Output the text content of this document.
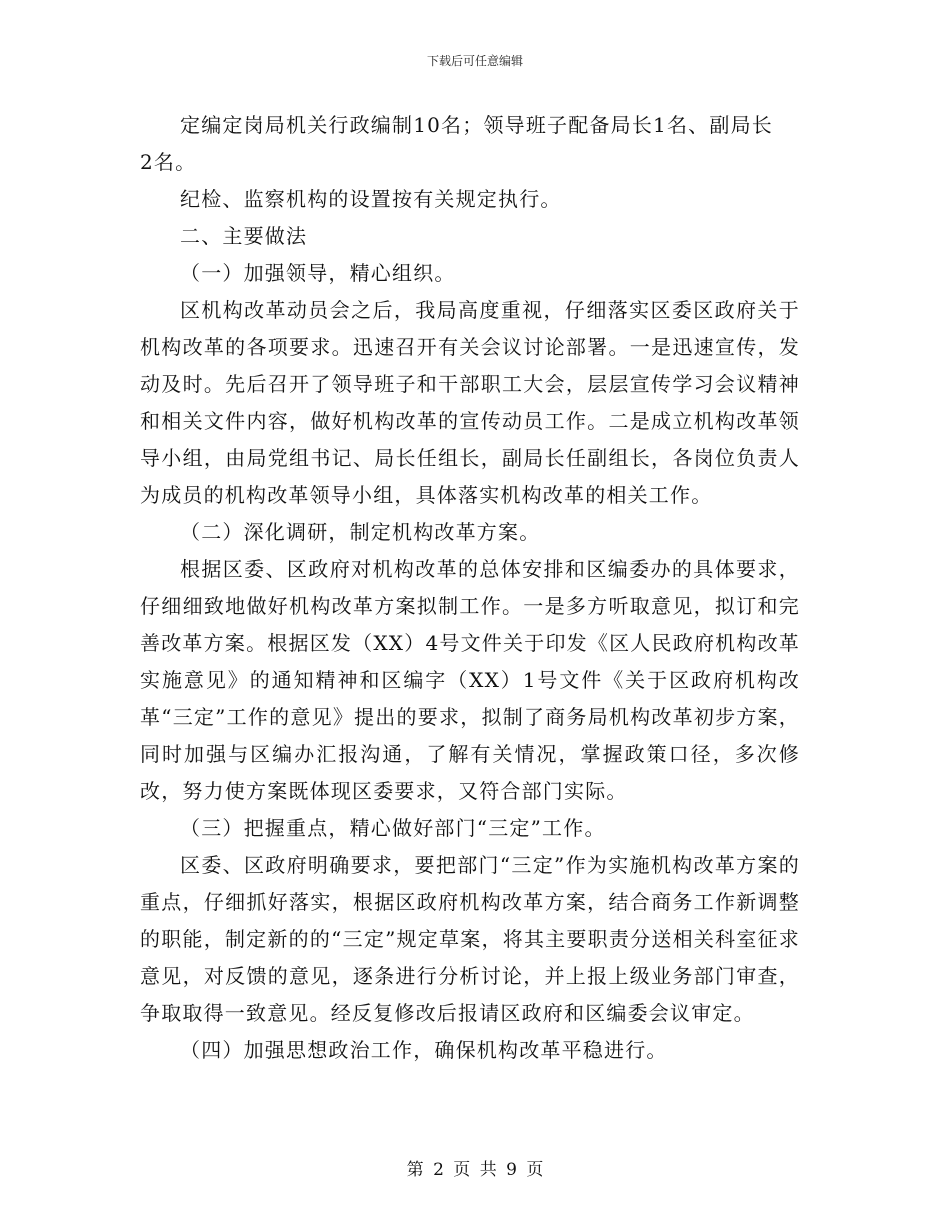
下载后可任意编辑

定编定岗局机关行政编制10名；领导班子配备局长1名、副局长

2名。

纪检、监察机构的设置按有关规定执行。

二、主要做法

（一）加强领导，精心组织。

区机构改革动员会之后，我局高度重视，仔细落实区委区政府关于机构改革的各项要求。迅速召开有关会议讨论部署。一是迅速宣传，发动及时。先后召开了领导班子和干部职工大会，层层宣传学习会议精神和相关文件内容，做好机构改革的宣传动员工作。二是成立机构改革领导小组，由局党组书记、局长任组长，副局长任副组长，各岗位负责人为成员的机构改革领导小组，具体落实机构改革的相关工作。

（二）深化调研，制定机构改革方案。

根据区委、区政府对机构改革的总体安排和区编委办的具体要求，仔细细致地做好机构改革方案拟制工作。一是多方听取意见，拟订和完善改革方案。根据区发（XX）4号文件关于印发《区人民政府机构改革实施意见》的通知精神和区编字（XX）1号文件《关于区政府机构改革“三定”工作的意见》提出的要求，拟制了商务局机构改革初步方案，同时加强与区编办汇报沟通，了解有关情况，掌握政策口径，多次修改，努力使方案既体现区委要求，又符合部门实际。

（三）把握重点，精心做好部门“三定”工作。

区委、区政府明确要求，要把部门“三定”作为实施机构改革方案的重点，仔细抓好落实，根据区政府机构改革方案，结合商务工作新调整的职能，制定新的的“三定”规定草案，将其主要职责分送相关科室征求意见，对反馈的意见，逐条进行分析讨论，并上报上级业务部门审查，争取取得一致意见。经反复修改后报请区政府和区编委会议审定。

（四）加强思想政治工作，确保机构改革平稳进行。

第 2 页 共 9 页
